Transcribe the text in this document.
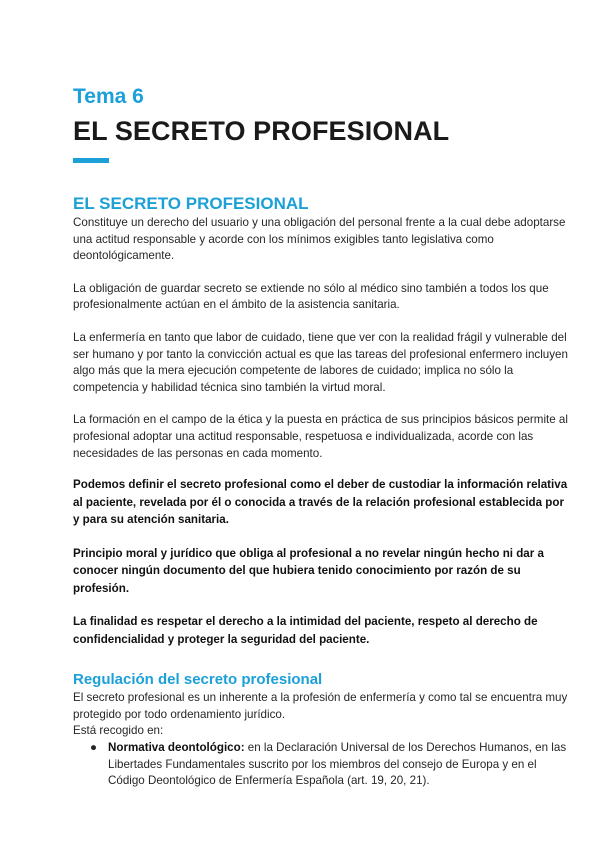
Tema 6
EL SECRETO PROFESIONAL
EL SECRETO PROFESIONAL

Constituye un derecho del usuario y una obligación del personal frente a la cual debe adoptarse una actitud responsable y acorde con los mínimos exigibles tanto legislativa como deontológicamente.

La obligación de guardar secreto se extiende no sólo al médico sino también a todos los que profesionalmente actúan en el ámbito de la asistencia sanitaria.

La enfermería en tanto que labor de cuidado, tiene que ver con la realidad frágil y vulnerable del ser humano y por tanto la convicción actual es que las tareas del profesional enfermero incluyen algo más que la mera ejecución competente de labores de cuidado; implica no sólo la competencia y habilidad técnica sino también la virtud moral.

La formación en el campo de la ética y la puesta en práctica de sus principios básicos permite al profesional adoptar una actitud responsable, respetuosa e individualizada, acorde con las necesidades de las personas en cada momento.

Podemos definir el secreto profesional como el deber de custodiar la información relativa al paciente, revelada por él o conocida a través de la relación profesional establecida por y para su atención sanitaria.

Principio moral y jurídico que obliga al profesional a no revelar ningún hecho ni dar a conocer ningún documento del que hubiera tenido conocimiento por razón de su profesión.

La finalidad es respetar el derecho a la intimidad del paciente, respeto al derecho de confidencialidad y proteger la seguridad del paciente.

Regulación del secreto profesional

El secreto profesional es un inherente a la profesión de enfermería y como tal se encuentra muy protegido por todo ordenamiento jurídico.

Está recogido en:

● Normativa deontológico: en la Declaración Universal de los Derechos Humanos, en las Libertades Fundamentales suscrito por los miembros del consejo de Europa y en el Código Deontológico de Enfermería Española (art. 19, 20, 21).
